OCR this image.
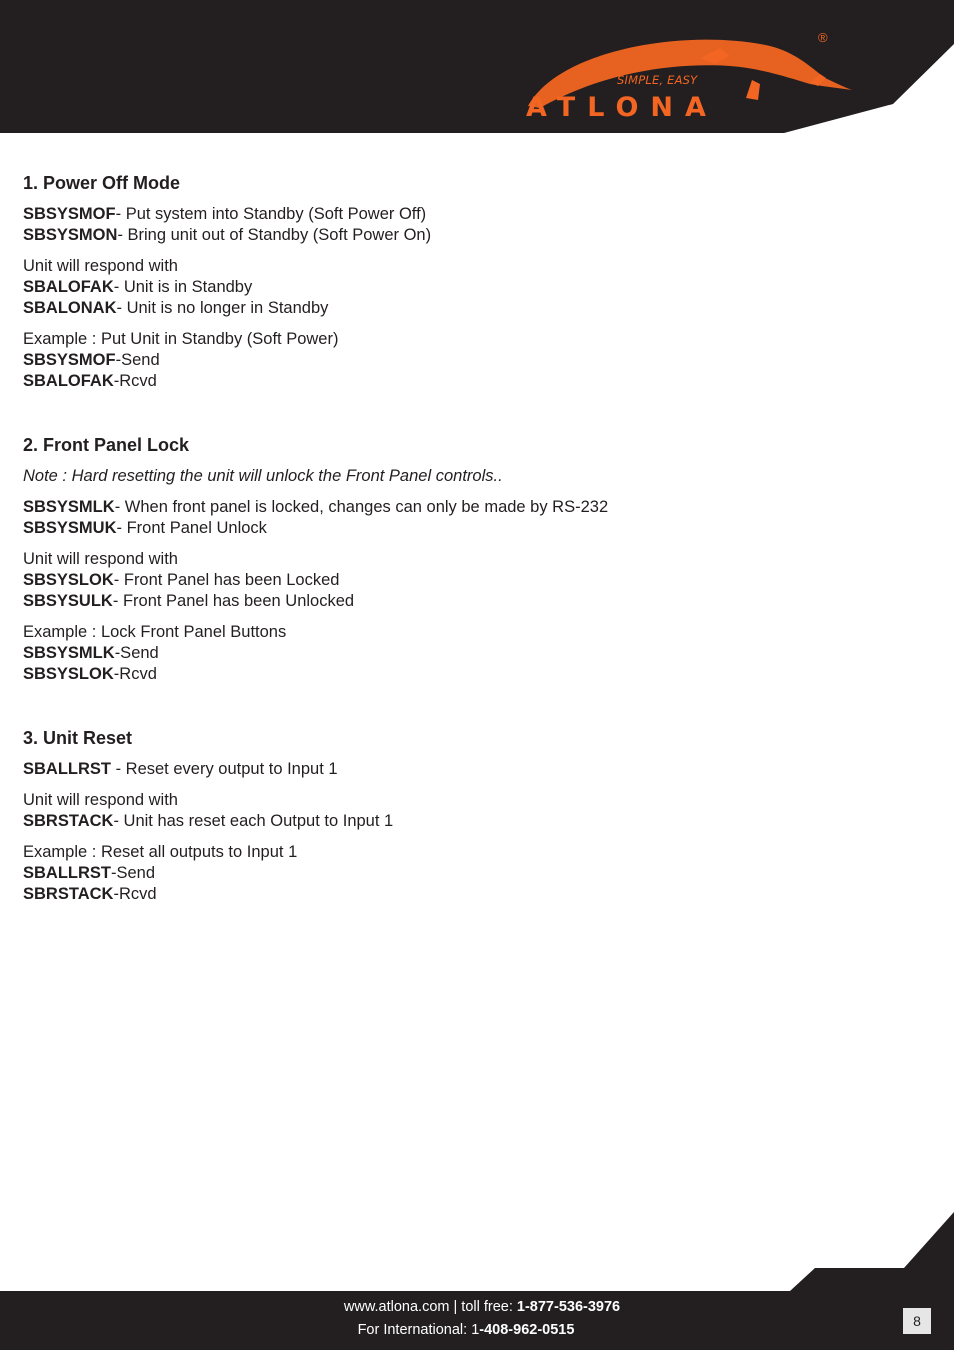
SIMPLE, EASY
ATLONA
®
1. Power Off Mode
SBSYSMOF- Put system into Standby (Soft Power Off)
SBSYSMON- Bring unit out of Standby (Soft Power On)
Unit will respond with
SBALOFAK- Unit is in Standby
SBALONAK- Unit is no longer in Standby
Example : Put Unit in Standby (Soft Power)
SBSYSMOF-Send
SBALOFAK-Rcvd
2. Front Panel Lock
Note : Hard resetting the unit will unlock the Front Panel controls..
SBSYSMLK- When front panel is locked, changes can only be made by RS-232
SBSYSMUK- Front Panel Unlock
Unit will respond with
SBSYSLOK- Front Panel has been Locked
SBSYSULK- Front Panel has been Unlocked
Example : Lock Front Panel Buttons
SBSYSMLK-Send
SBSYSLOK-Rcvd
3. Unit Reset
SBALLRST - Reset every output to Input 1
Unit will respond with
SBRSTACK- Unit has reset each Output to Input 1
Example : Reset all outputs to Input 1
SBALLRST-Send
SBRSTACK-Rcvd
www.atlona.com | toll free: 1-877-536-3976
For International: 1-408-962-0515
8
